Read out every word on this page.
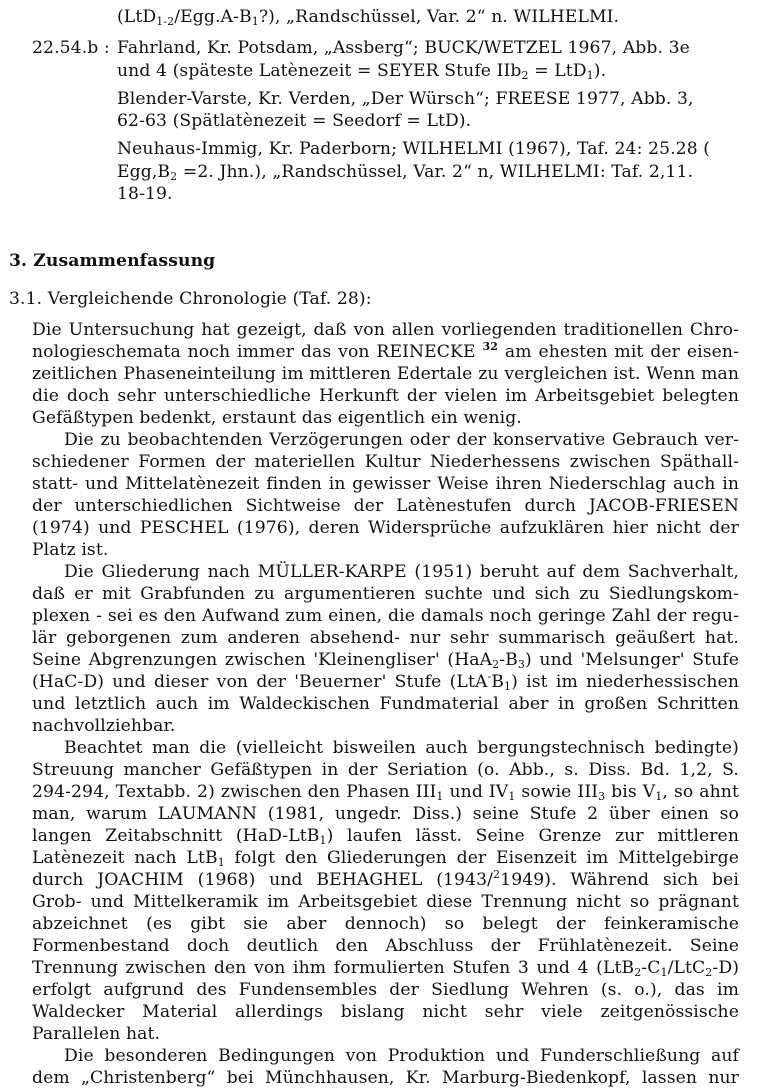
$(LtD_{1-2}/Egg.A-B_1?)$, „Randschüssel, Var. 2“ n. WILHELMI.
22.54.b : Fahrland, Kr. Potsdam, „Assberg“; BUCK/WETZEL 1967, Abb. 3e
und 4 (späteste Latènezeit = SEYER Stufe IIb$_2$ = LtD$_1$).
Blender-Varste, Kr. Verden, „Der Würsch“; FREESE 1977, Abb. 3,
62-63 (Spätlatènezeit = Seedorf = LtD).
Neuhaus-Immig, Kr. Paderborn; WILHELMI (1967), Taf. 24: 25.28 (
$Egg,B_2 =2$. Jhn.), „Randschüssel, Var. 2“ n, WILHELMI: Taf. 2,11.
18-19.
3. Zusammenfassung
3.1. Vergleichende Chronologie (Taf. 28):
Die Untersuchung hat gezeigt, daß von allen vorliegenden traditionellen Chro-
nologieschemata noch immer das von REINECKE $^{32}$ am ehesten mit der eisen-
zeitlichen Phaseneinteilung im mittleren Edertale zu vergleichen ist. Wenn man
die doch sehr unterschiedliche Herkunft der vielen im Arbeitsgebiet belegten
Gefäßtypen bedenkt, erstaunt das eigentlich ein wenig.
Die zu beobachtenden Verzögerungen oder der konservative Gebrauch ver-
schiedener Formen der materiellen Kultur Niederhessens zwischen Späthall-
statt- und Mittelatènezeit finden in gewisser Weise ihren Niederschlag auch in
der unterschiedlichen Sichtweise der Latènestufen durch JACOB-FRIESEN
(1974) und PESCHEL (1976), deren Widersprüche aufzuklären hier nicht der
Platz ist.
Die Gliederung nach MÜLLER-KARPE (1951) beruht auf dem Sachverhalt,
daß er mit Grabfunden zu argumentieren suchte und sich zu Siedlungskom-
plexen - sei es den Aufwand zum einen, die damals noch geringe Zahl der regu-
lär geborgenen zum anderen absehend- nur sehr summarisch geäußert hat.
Seine Abgrenzungen zwischen 'Kleinengliser' $(HaA_2-B_3)$ und 'Melsunger' Stufe
(HaC-D) und dieser von der 'Beuerner' Stufe $(LtA^-B_1)$ ist im niederhessischen
und letztlich auch im Waldeckischen Fundmaterial aber in großen Schritten
nachvollziehbar.
Beachtet man die (vielleicht bisweilen auch bergungstechnisch bedingte)
Streuung mancher Gefäßtypen in der Seriation (o. Abb., s. Diss. Bd. 1,2, S.
294-294, Textabb. 2) zwischen den Phasen $III_1$ und $IV_1$ sowie $III_3$ bis $V_1$, so ahnt
man, warum LAUMANN (1981, ungedr. Diss.) seine Stufe 2 über einen so
langen Zeitabschnitt (HaD-LtB$_1$) laufen lässt. Seine Grenze zur mittleren
Latènezeit nach LtB$_1$ folgt den Gliederungen der Eisenzeit im Mittelgebirge
durch JOACHIM (1968) und BEHAGHEL (1943/$^2$1949). Während sich bei
Grob- und Mittelkeramik im Arbeitsgebiet diese Trennung nicht so prägnant
abzeichnet (es gibt sie aber dennoch) so belegt der feinkeramische
Formenbestand doch deutlich den Abschluss der Frühlatènezeit. Seine
Trennung zwischen den von ihm formulierten Stufen 3 und 4 $(LtB_2-C_1/LtC_2-D)$
erfolgt aufgrund des Fundensembles der Siedlung Wehren (s. o.), das im
Waldecker Material allerdings bislang nicht sehr viele zeitgenössische
Parallelen hat.
Die besonderen Bedingungen von Produktion und Funderschließung auf
dem „Christenberg“ bei Münchhausen, Kr. Marburg-Biedenkopf, lassen nur
